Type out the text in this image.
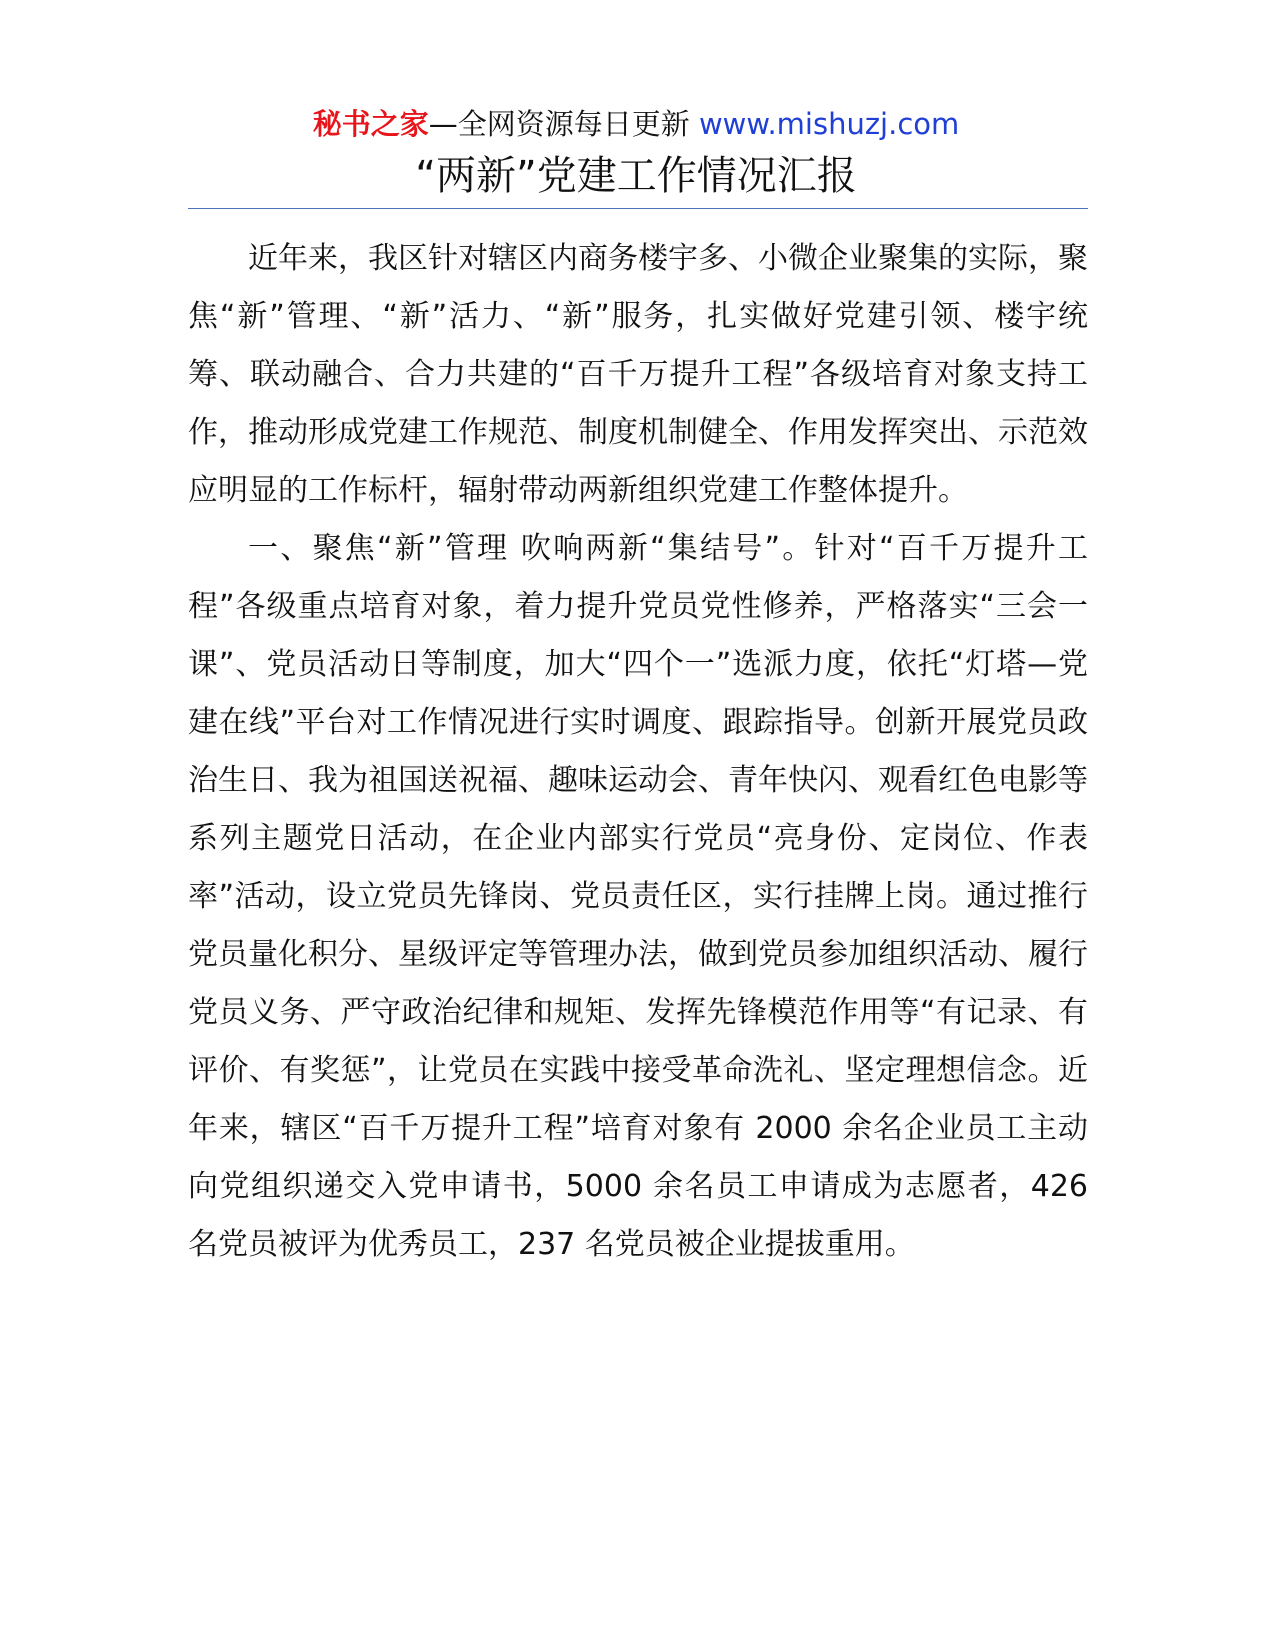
秘书之家—全网资源每日更新 www.mishuzj.com
“两新”党建工作情况汇报

近年来，我区针对辖区内商务楼宇多、小微企业聚集的实际，聚焦“新”管理、“新”活力、“新”服务，扎实做好党建引领、楼宇统筹、联动融合、合力共建的“百千万提升工程”各级培育对象支持工作，推动形成党建工作规范、制度机制健全、作用发挥突出、示范效应明显的工作标杆，辐射带动两新组织党建工作整体提升。

一、聚焦“新”管理 吹响两新“集结号”。针对“百千万提升工程”各级重点培育对象，着力提升党员党性修养，严格落实“三会一课”、党员活动日等制度，加大“四个一”选派力度，依托“灯塔—党建在线”平台对工作情况进行实时调度、跟踪指导。创新开展党员政治生日、我为祖国送祝福、趣味运动会、青年快闪、观看红色电影等系列主题党日活动，在企业内部实行党员“亮身份、定岗位、作表率”活动，设立党员先锋岗、党员责任区，实行挂牌上岗。通过推行党员量化积分、星级评定等管理办法，做到党员参加组织活动、履行党员义务、严守政治纪律和规矩、发挥先锋模范作用等“有记录、有评价、有奖惩”，让党员在实践中接受革命洗礼、坚定理想信念。近年来，辖区“百千万提升工程”培育对象有 2000 余名企业员工主动向党组织递交入党申请书，5000 余名员工申请成为志愿者，426 名党员被评为优秀员工，237 名党员被企业提拔重用。
